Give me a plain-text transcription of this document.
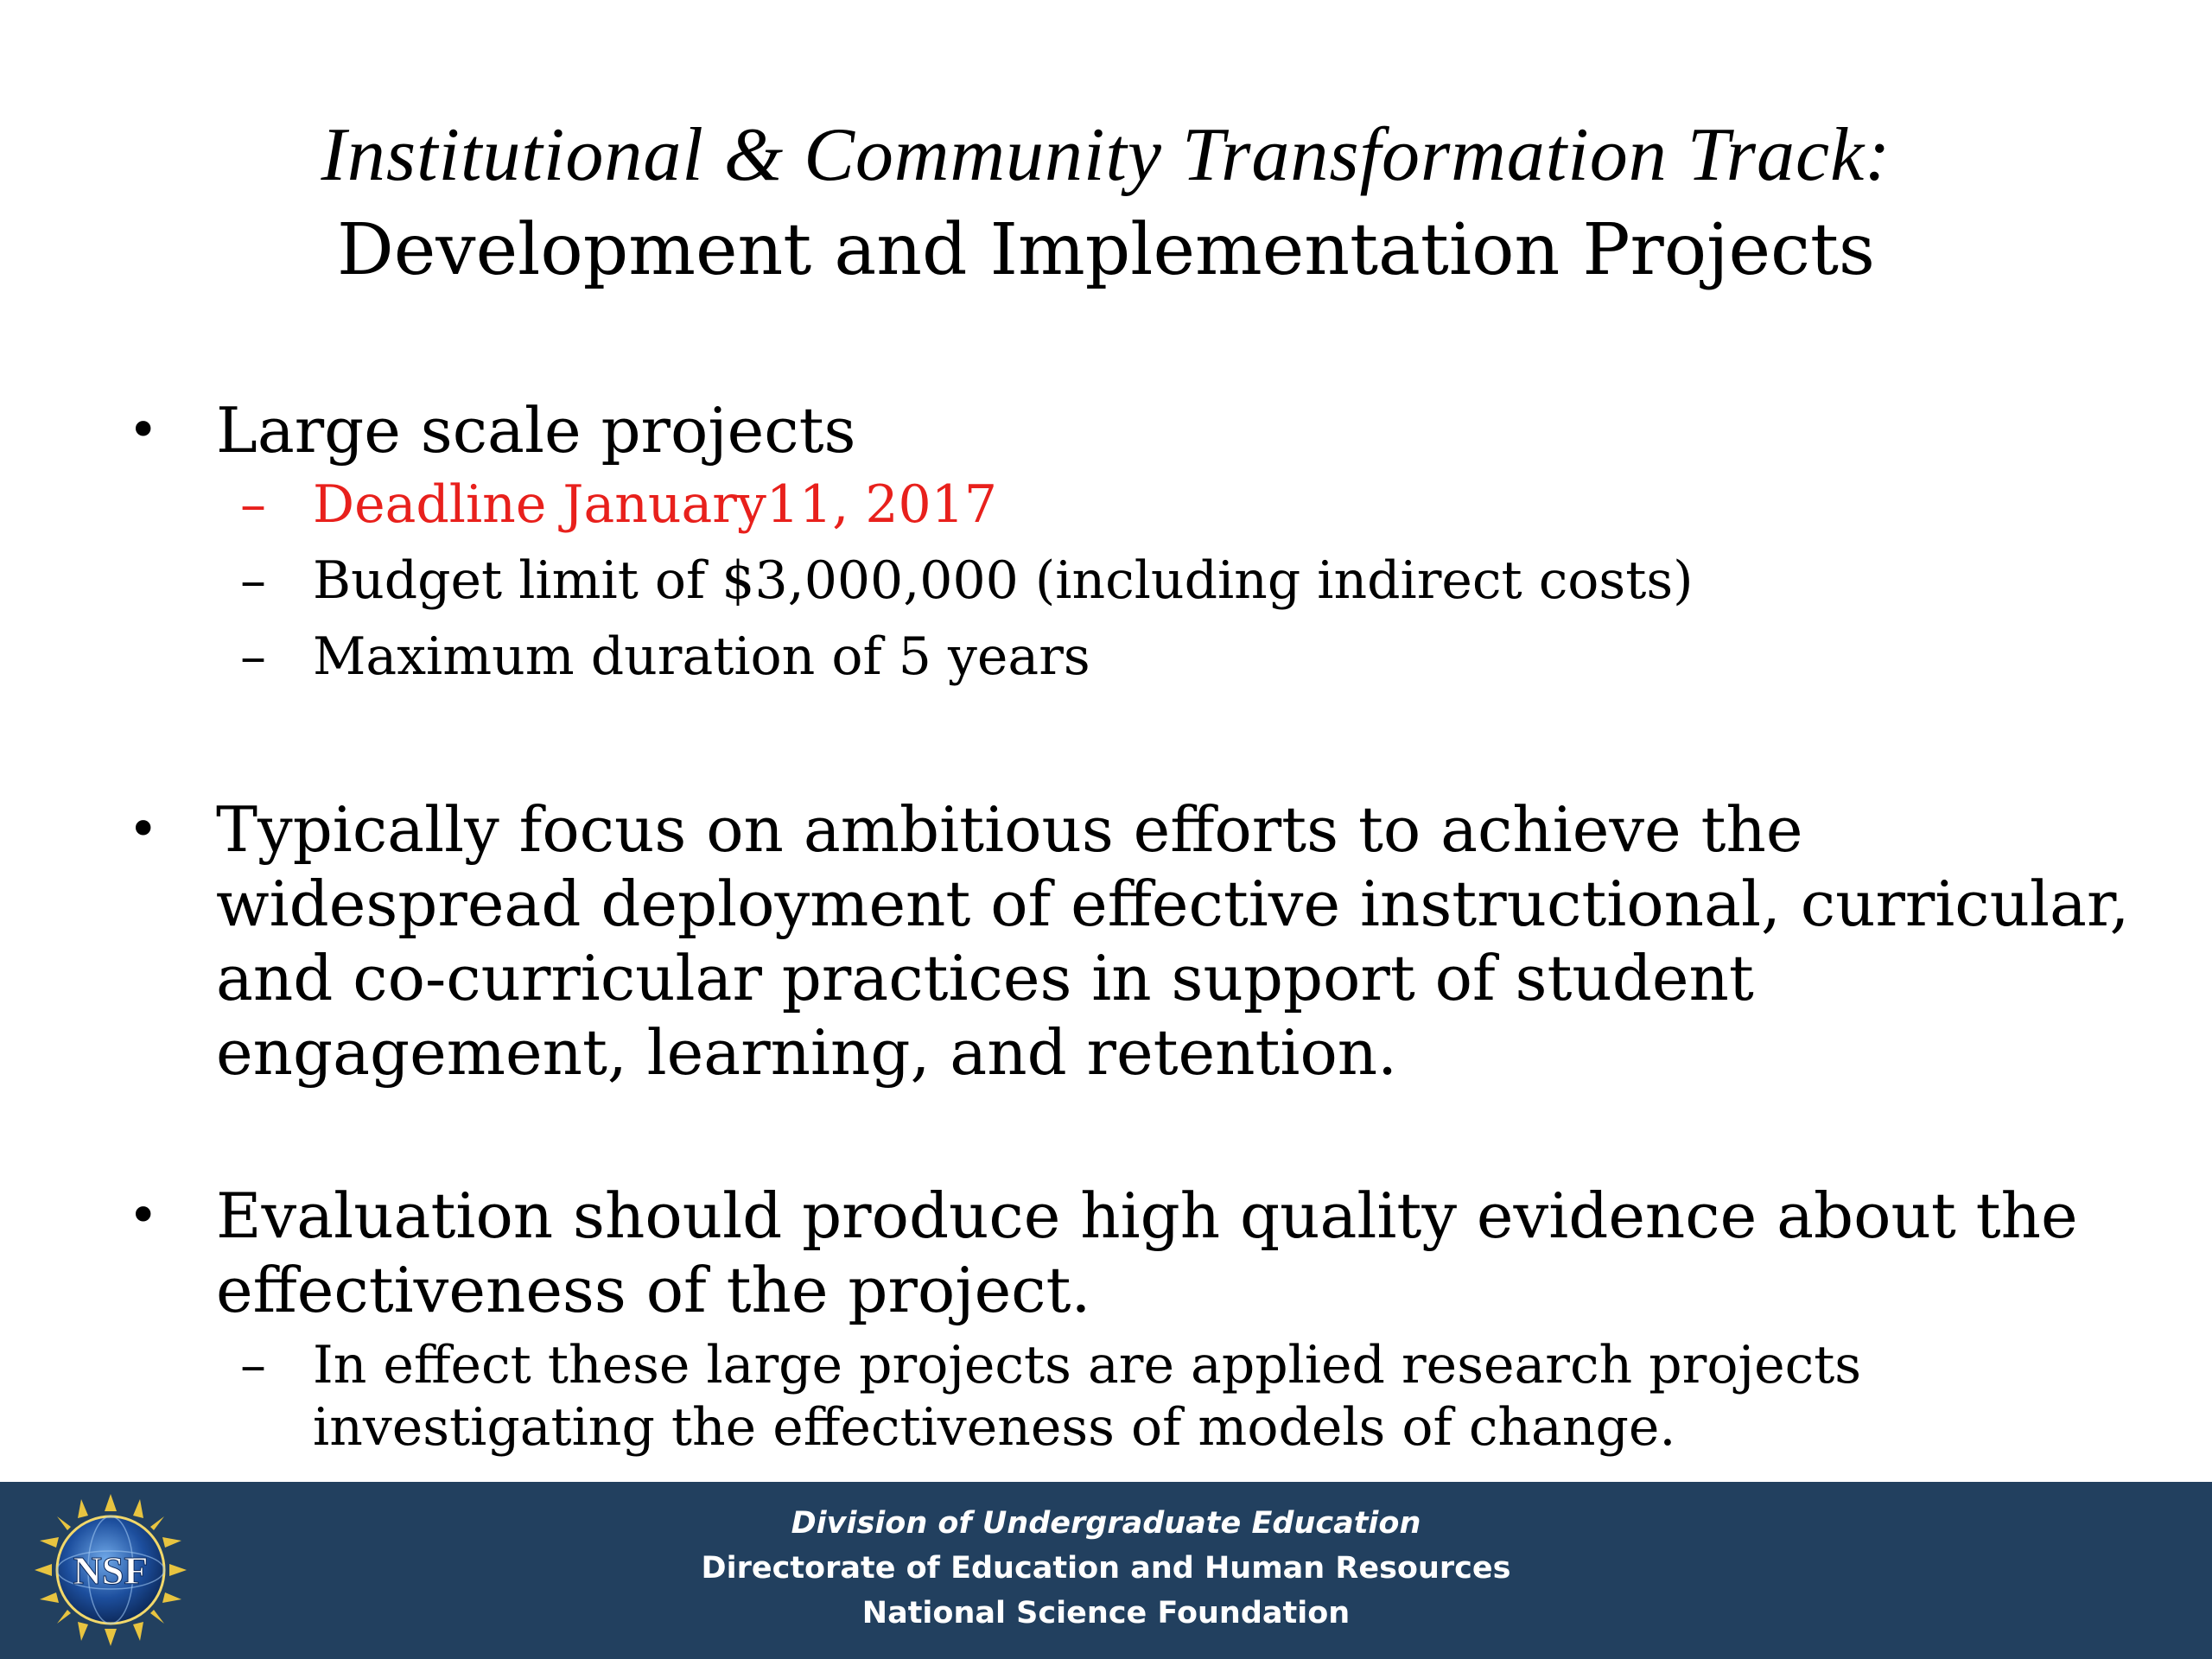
Institutional & Community Transformation Track:
Development and Implementation Projects
• Large scale projects
– Deadline January11, 2017
– Budget limit of $3,000,000 (including indirect costs)
– Maximum duration of 5 years
• Typically focus on ambitious efforts to achieve the widespread deployment of effective instructional, curricular, and co-curricular practices in support of student engagement, learning, and retention.
• Evaluation should produce high quality evidence about the effectiveness of the project.
– In effect these large projects are applied research projects investigating the effectiveness of models of change.
NSF
Division of Undergraduate Education
Directorate of Education and Human Resources
National Science Foundation
